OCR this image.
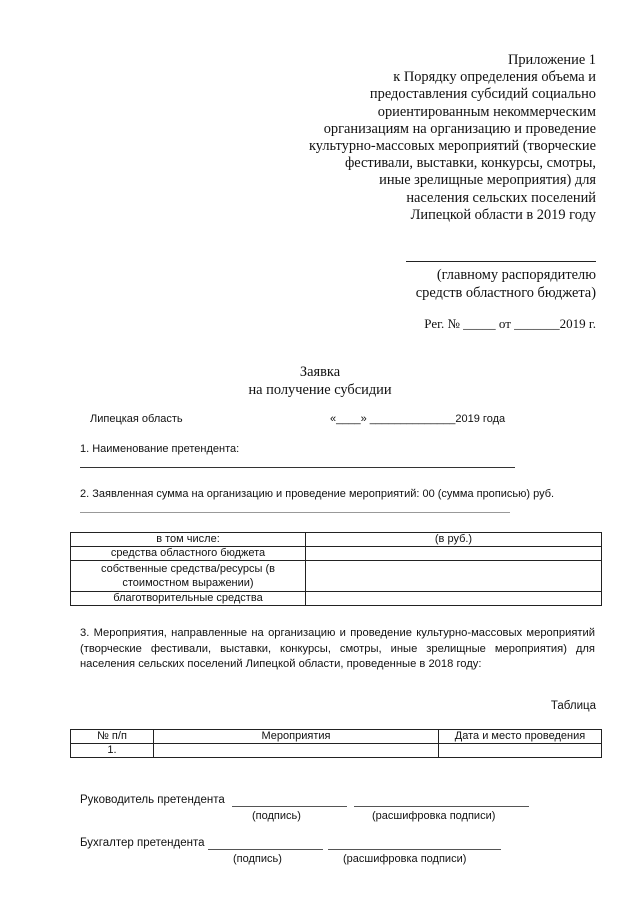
Приложение 1
к Порядку определения объема и
предоставления субсидий социально
ориентированным некоммерческим
организациям на организацию и проведение
культурно-массовых мероприятий (творческие
фестивали, выставки, конкурсы, смотры,
иные зрелищные мероприятия) для
населения сельских поселений
Липецкой области в 2019 году
(главному распорядителю
средств областного бюджета)
Рег. № _____ от _______2019 г.
Заявка
на получение субсидии
Липецкая область	«____» ______________2019 года
1. Наименование претендента:
2. Заявленная сумма на организацию и проведение мероприятий: 00 (сумма прописью) руб.
в том числе:	(в руб.)
средства областного бюджета	
собственные средства/ресурсы (в стоимостном выражении)	
благотворительные средства	
3. Мероприятия, направленные на организацию и проведение культурно-массовых мероприятий (творческие фестивали, выставки, конкурсы, смотры, иные зрелищные мероприятия) для населения сельских поселений Липецкой области, проведенные в 2018 году:
Таблица
№ п/п	Мероприятия	Дата и место проведения
1.		
Руководитель претендента
(подпись)	(расшифровка подписи)
Бухгалтер претендента
(подпись)	(расшифровка подписи)
